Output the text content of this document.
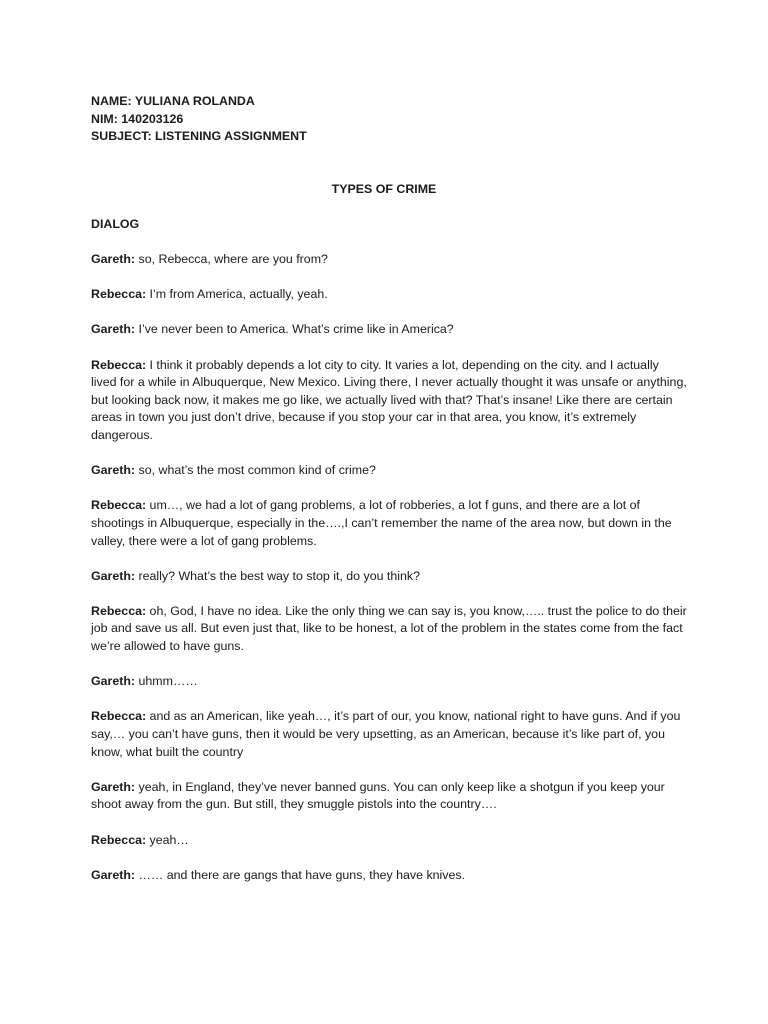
NAME: YULIANA ROLANDA
NIM: 140203126
SUBJECT: LISTENING ASSIGNMENT
TYPES OF CRIME
DIALOG

Gareth: so, Rebecca, where are you from?

Rebecca: I’m from America, actually, yeah.

Gareth: I’ve never been to America. What’s crime like in America?

Rebecca: I think it probably depends a lot city to city. It varies a lot, depending on the city. and I actually lived for a while in Albuquerque, New Mexico. Living there, I never actually thought it was unsafe or anything, but looking back now, it makes me go like, we actually lived with that? That’s insane! Like there are certain areas in town you just don’t drive, because if you stop your car in that area, you know, it’s extremely dangerous.

Gareth: so, what’s the most common kind of crime?

Rebecca: um…, we had a lot of gang problems, a lot of robberies, a lot f guns, and there are a lot of shootings in Albuquerque, especially in the….,I can’t remember the name of the area now, but down in the valley, there were a lot of gang problems.

Gareth: really? What’s the best way to stop it, do you think?

Rebecca: oh, God, I have no idea. Like the only thing we can say is, you know,….. trust the police to do their job and save us all. But even just that, like to be honest, a lot of the problem in the states come from the fact we’re allowed to have guns.

Gareth: uhmm……

Rebecca: and as an American, like yeah…, it’s part of our, you know, national right to have guns. And if you say,… you can’t have guns, then it would be very upsetting, as an American, because it’s like part of, you know, what built the country

Gareth: yeah, in England, they’ve never banned guns. You can only keep like a shotgun if you keep your shoot away from the gun. But still, they smuggle pistols into the country….

Rebecca: yeah…

Gareth: …… and there are gangs that have guns, they have knives.
